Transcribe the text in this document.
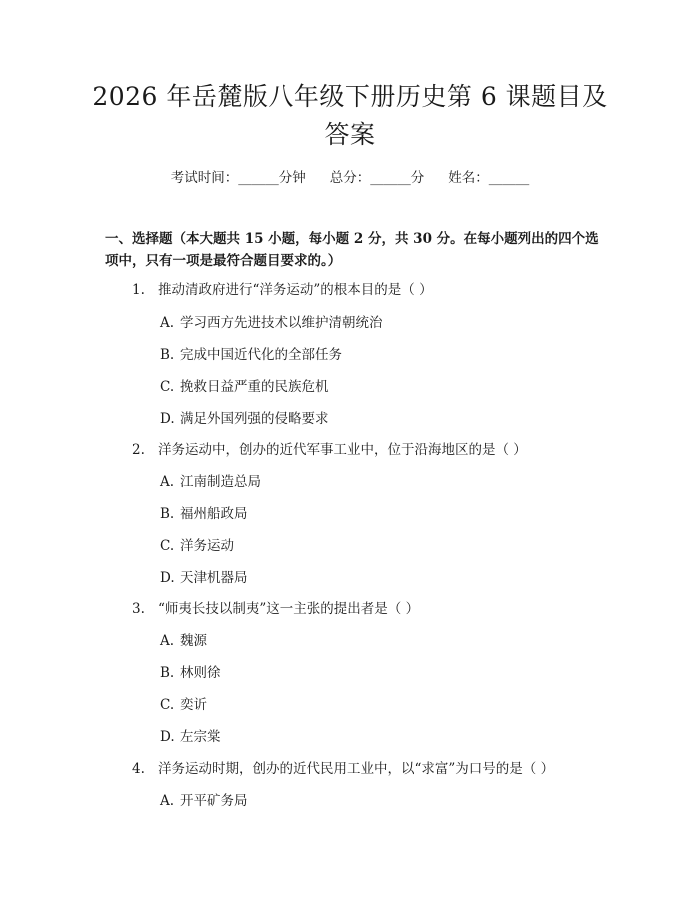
2026 年岳麓版八年级下册历史第 6 课题目及
答案
考试时间：______分钟 总分：______分 姓名：______
一、选择题（本大题共 15 小题，每小题 2 分，共 30 分。在每小题列出的四个选项中，只有一项是最符合题目要求的。）
1. 推动清政府进行“洋务运动”的根本目的是（ ）
A. 学习西方先进技术以维护清朝统治
B. 完成中国近代化的全部任务
C. 挽救日益严重的民族危机
D. 满足外国列强的侵略要求
2. 洋务运动中，创办的近代军事工业中，位于沿海地区的是（ ）
A. 江南制造总局
B. 福州船政局
C. 洋务运动
D. 天津机器局
3. “师夷长技以制夷”这一主张的提出者是（ ）
A. 魏源
B. 林则徐
C. 奕䜣
D. 左宗棠
4. 洋务运动时期，创办的近代民用工业中，以“求富”为口号的是（ ）
A. 开平矿务局
